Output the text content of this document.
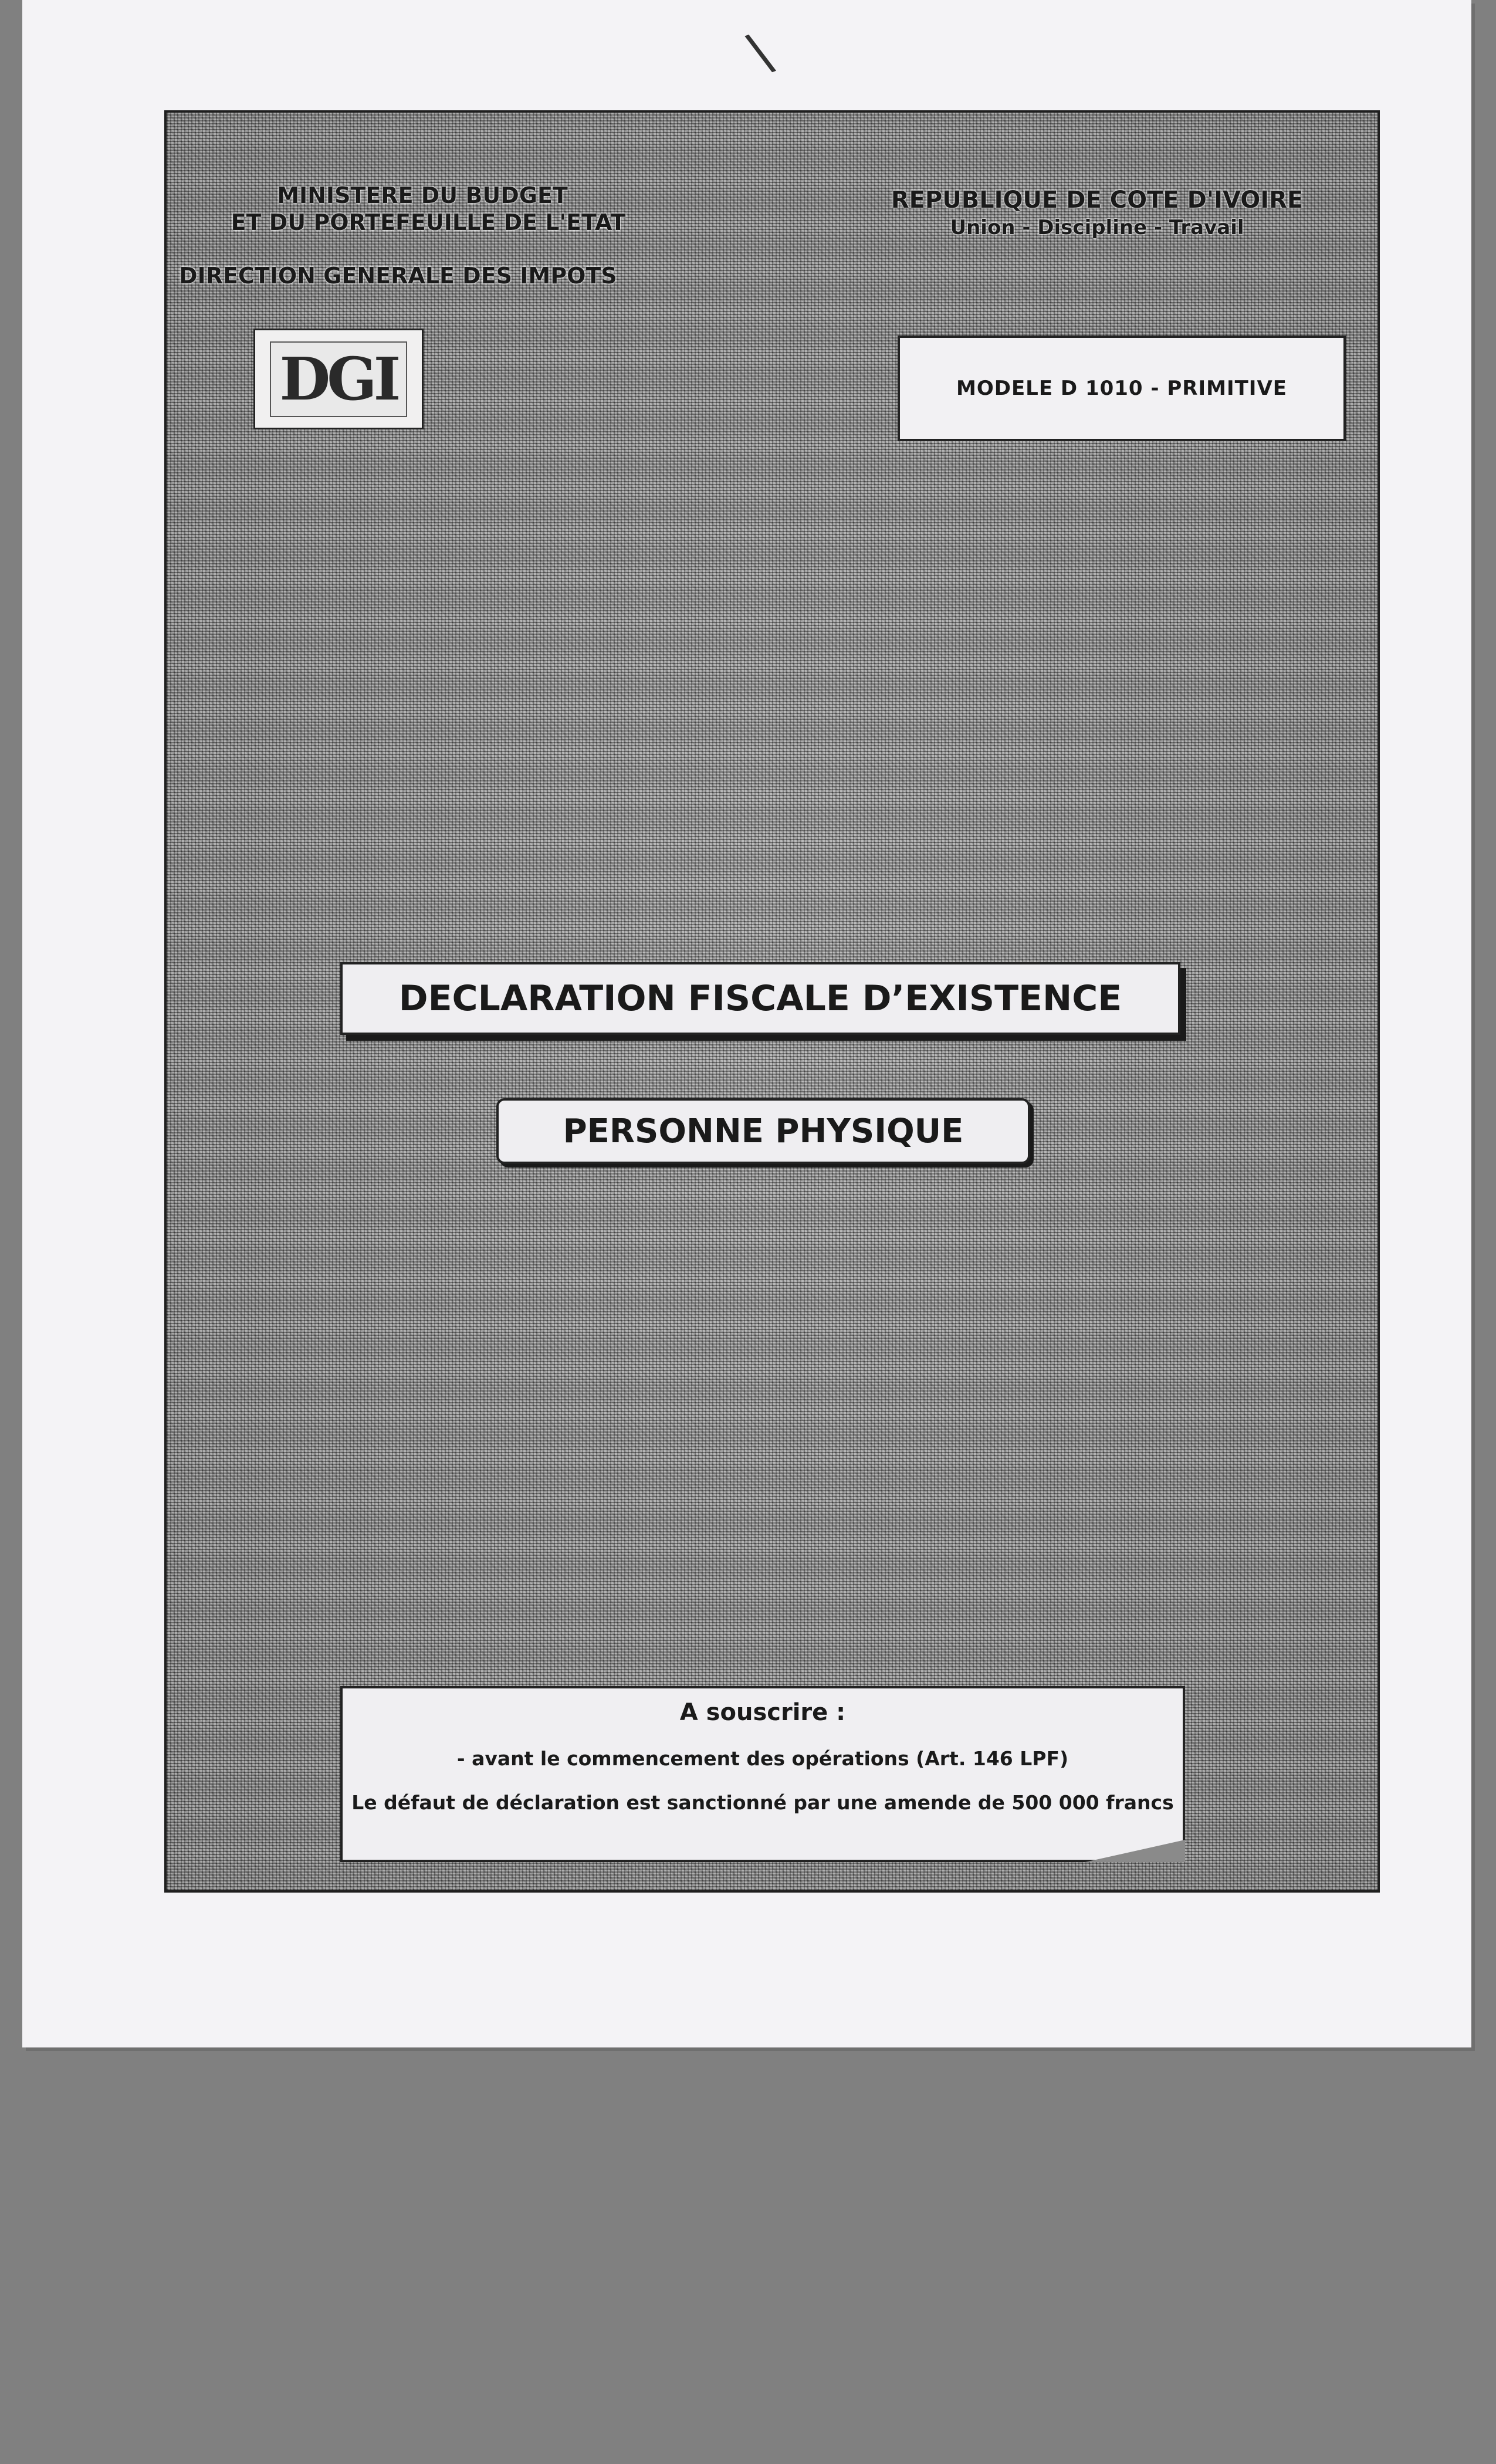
\
MINISTERE DU BUDGET
ET DU PORTEFEUILLE DE L'ETAT
DIRECTION GENERALE DES IMPOTS
REPUBLIQUE DE COTE D'IVOIRE
Union - Discipline - Travail
DGI	MODELE D 1010 - PRIMITIVE
DECLARATION FISCALE D’EXISTENCE
PERSONNE PHYSIQUE
A souscrire :
- avant le commencement des opérations (Art. 146 LPF)
Le défaut de déclaration est sanctionné par une amende de 500 000 francs
